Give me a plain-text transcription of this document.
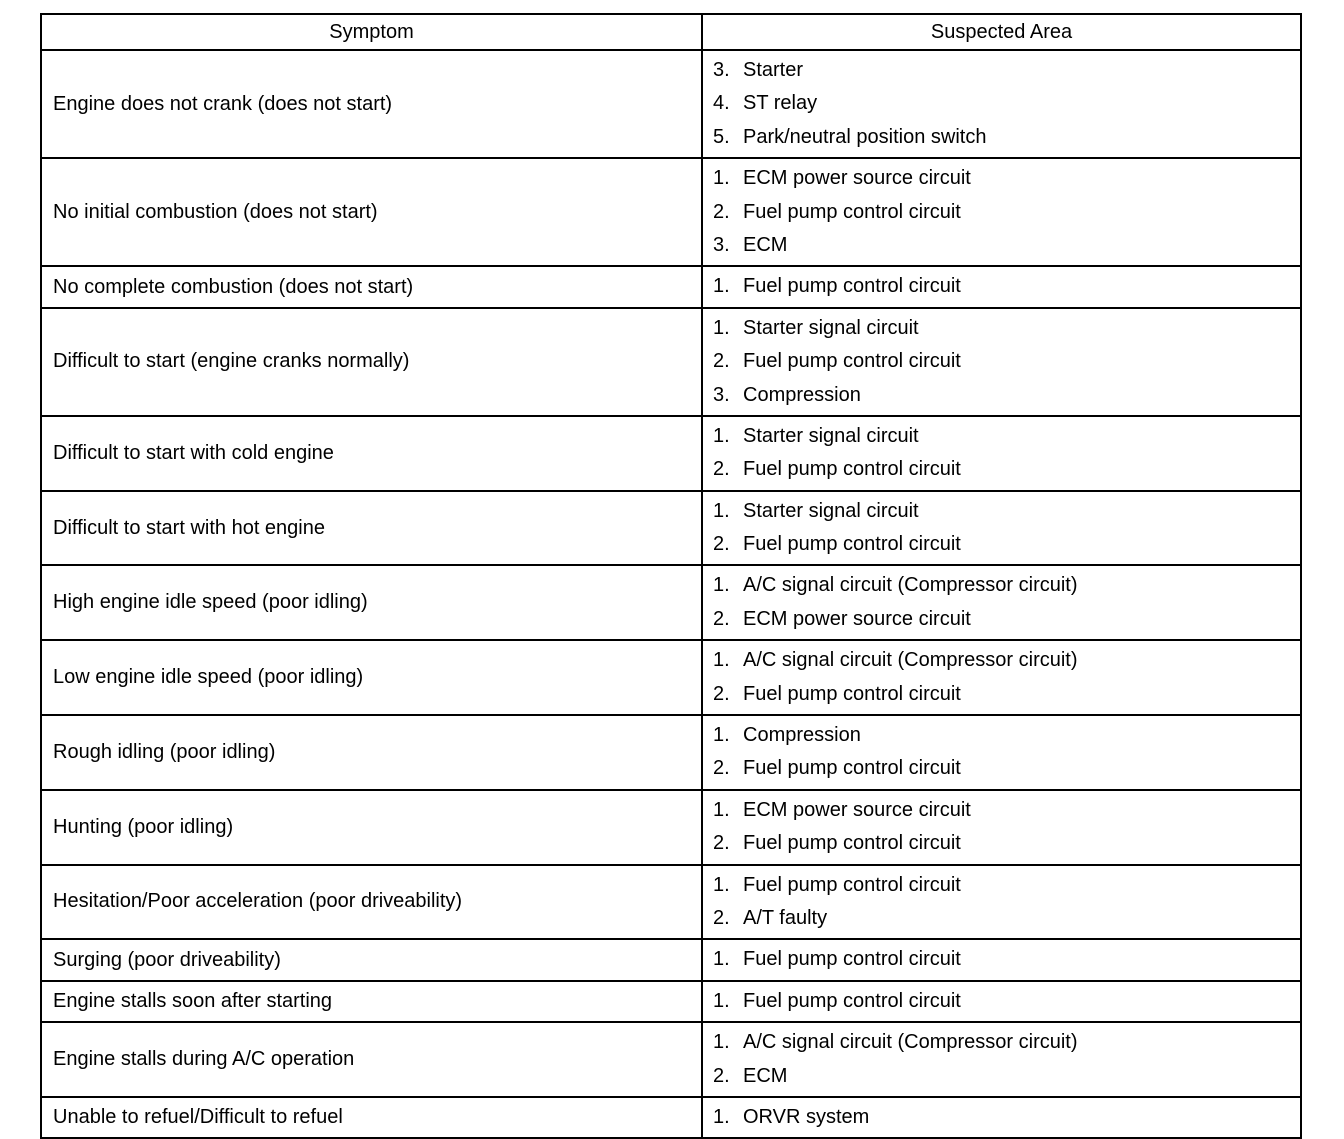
Symptom	Suspected Area
Engine does not crank (does not start)	3. Starter
4. ST relay
5. Park/neutral position switch

No initial combustion (does not start)	1. ECM power source circuit
2. Fuel pump control circuit
3. ECM

No complete combustion (does not start)	1. Fuel pump control circuit

Difficult to start (engine cranks normally)	1. Starter signal circuit
2. Fuel pump control circuit
3. Compression

Difficult to start with cold engine	1. Starter signal circuit
2. Fuel pump control circuit

Difficult to start with hot engine	1. Starter signal circuit
2. Fuel pump control circuit

High engine idle speed (poor idling)	1. A/C signal circuit (Compressor circuit)
2. ECM power source circuit

Low engine idle speed (poor idling)	1. A/C signal circuit (Compressor circuit)
2. Fuel pump control circuit

Rough idling (poor idling)	1. Compression
2. Fuel pump control circuit

Hunting (poor idling)	1. ECM power source circuit
2. Fuel pump control circuit

Hesitation/Poor acceleration (poor driveability)	1. Fuel pump control circuit
2. A/T faulty

Surging (poor driveability)	1. Fuel pump control circuit

Engine stalls soon after starting	1. Fuel pump control circuit

Engine stalls during A/C operation	1. A/C signal circuit (Compressor circuit)
2. ECM

Unable to refuel/Difficult to refuel	1. ORVR system
